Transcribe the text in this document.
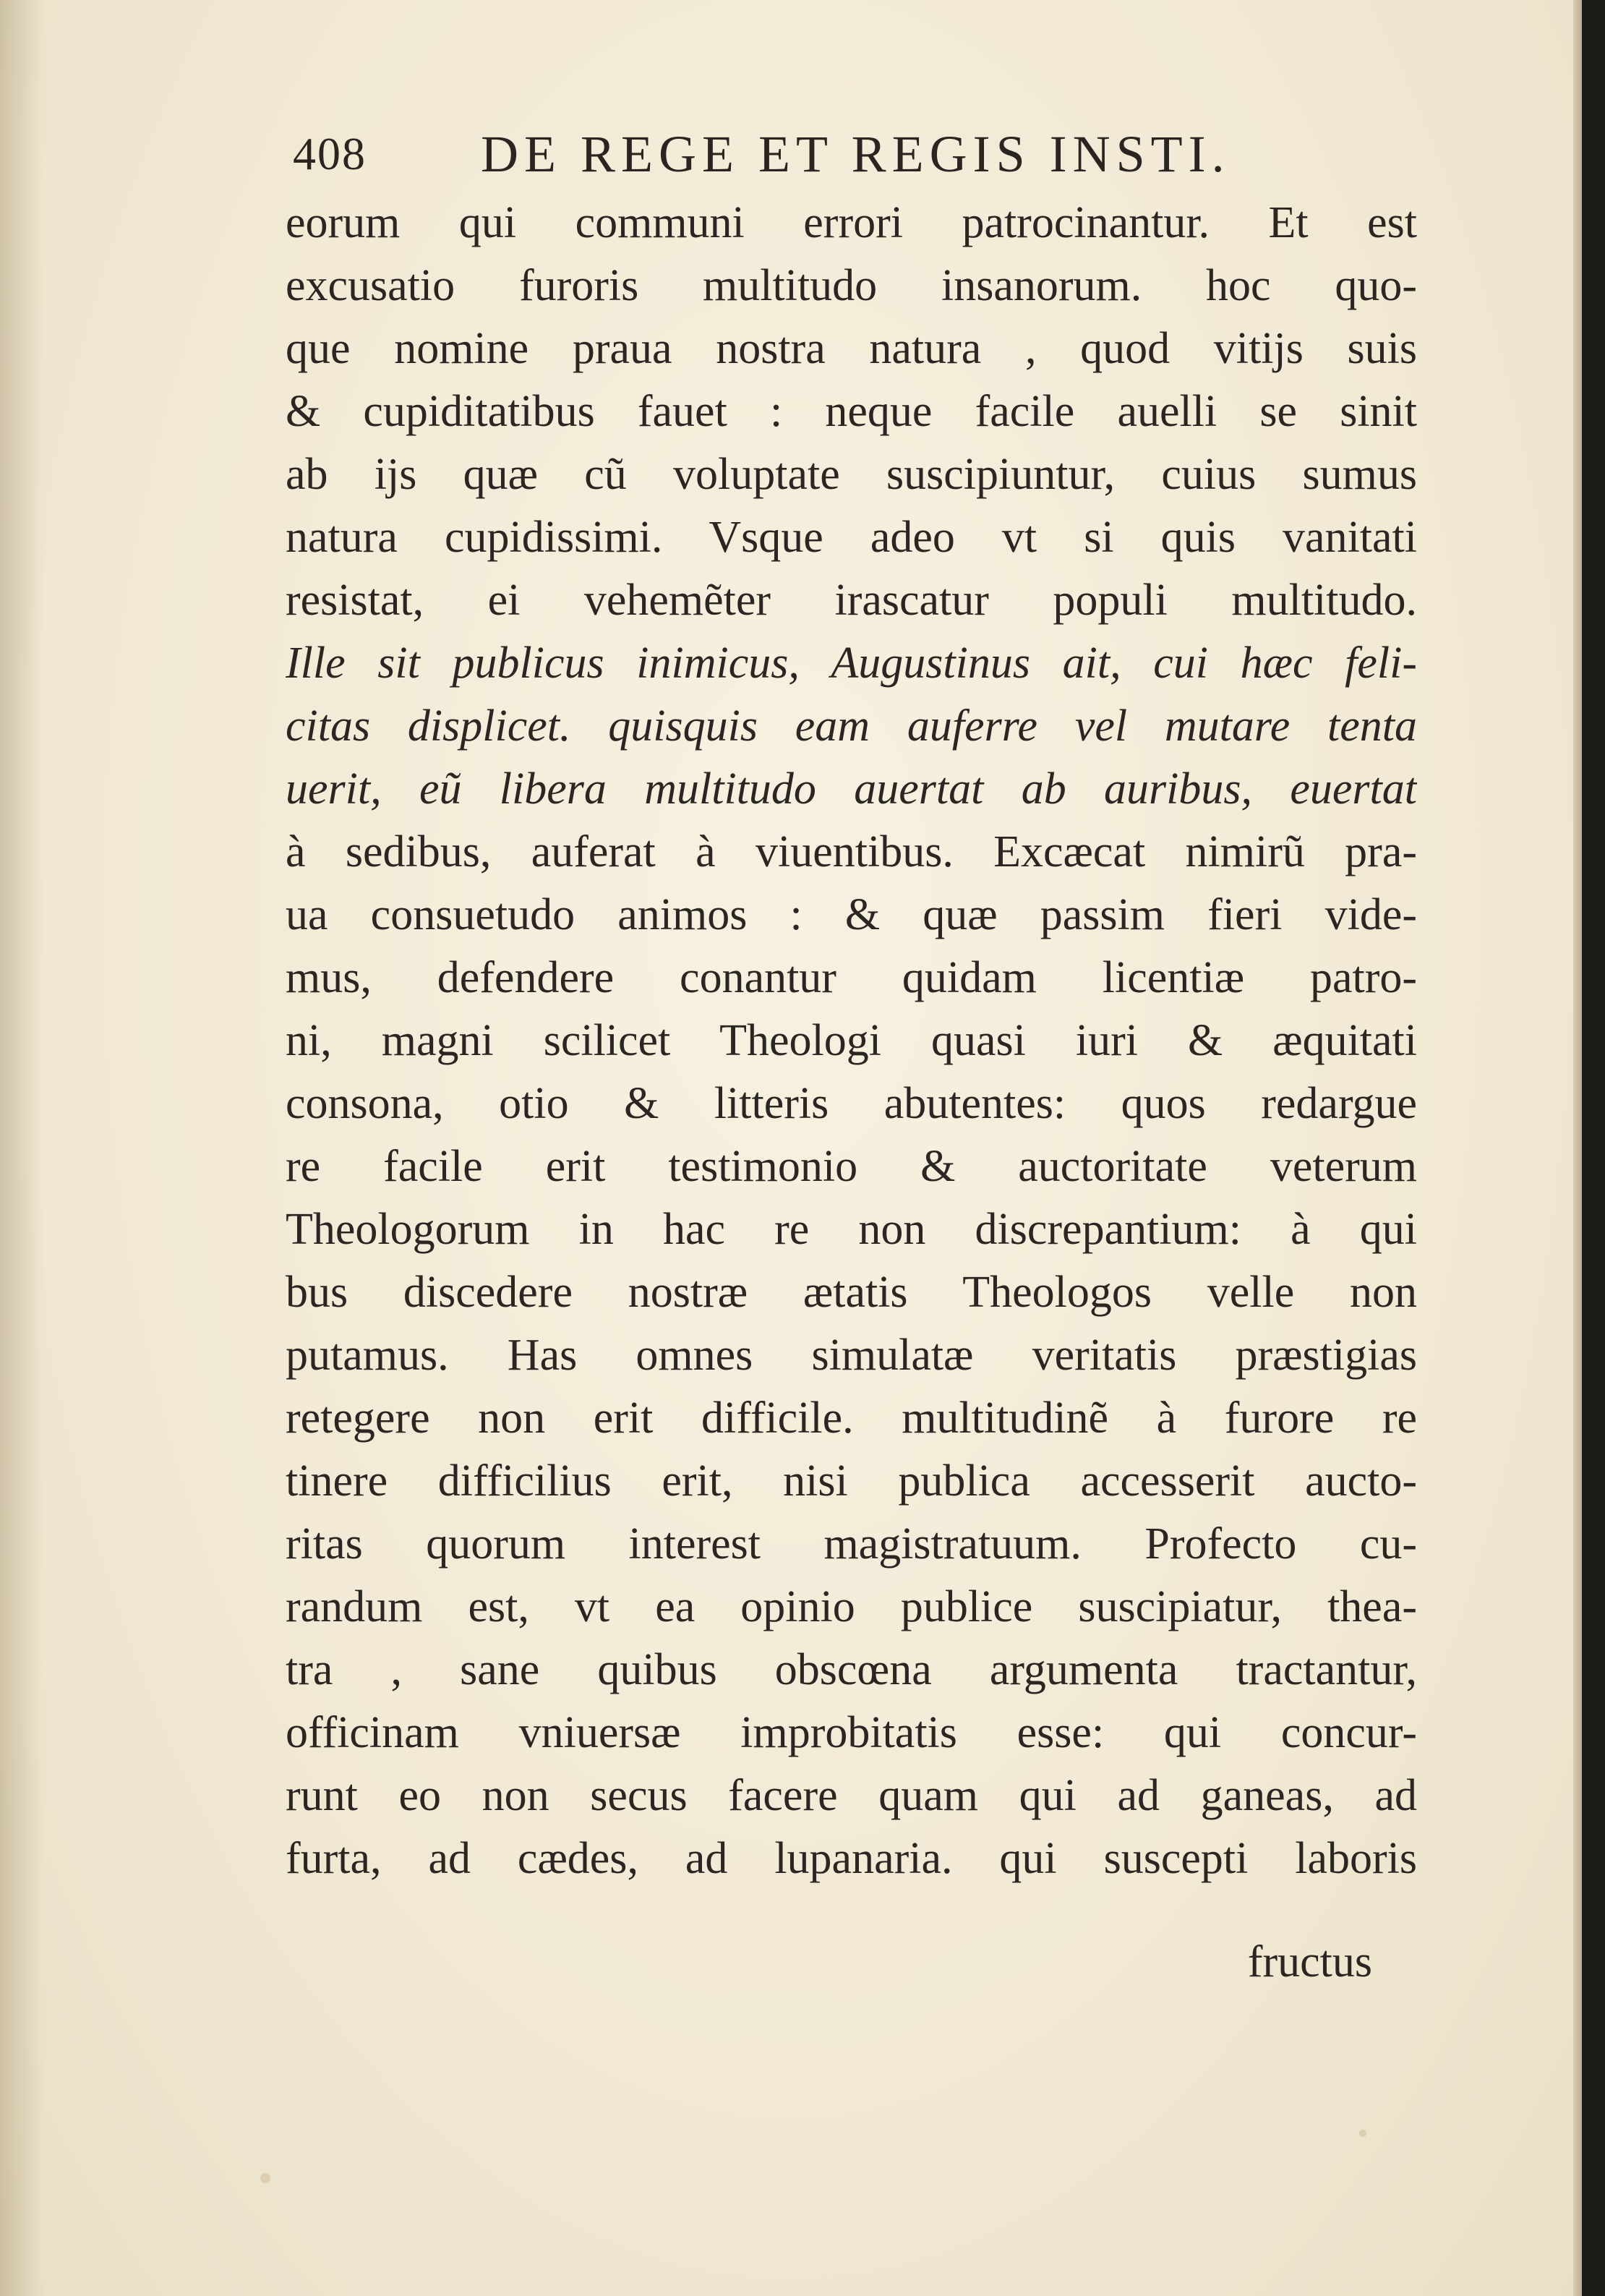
408 DE REGE ET REGIS INSTI.
eorum qui communi errori patrocinantur. Et est
excusatio furoris multitudo insanorum. hoc quo-
que nomine praua nostra natura , quod vitijs suis
& cupiditatibus fauet : neque facile auelli se sinit
ab ijs quæ cũ voluptate suscipiuntur, cuius sumus
natura cupidissimi. Vsque adeo vt si quis vanitati
resistat, ei vehemẽter irascatur populi multitudo.
Ille sit publicus inimicus, Augustinus ait, cui hæc feli-
citas displicet. quisquis eam auferre vel mutare tenta
uerit, eũ libera multitudo auertat ab auribus, euertat
à sedibus, auferat à viuentibus. Excæcat nimirũ pra-
ua consuetudo animos : & quæ passim fieri vide-
mus, defendere conantur quidam licentiæ patro-
ni, magni scilicet Theologi quasi iuri & æquitati
consona, otio & litteris abutentes: quos redargue
re facile erit testimonio & auctoritate veterum
Theologorum in hac re non discrepantium: à qui
bus discedere nostræ ætatis Theologos velle non
putamus. Has omnes simulatæ veritatis præstigias
retegere non erit difficile. multitudinẽ à furore re
tinere difficilius erit, nisi publica accesserit aucto-
ritas quorum interest magistratuum. Profecto cu-
randum est, vt ea opinio publice suscipiatur, thea-
tra , sane quibus obscœna argumenta tractantur,
officinam vniuersæ improbitatis esse: qui concur-
runt eo non secus facere quam qui ad ganeas, ad
furta, ad cædes, ad lupanaria. qui suscepti laboris
fructus
